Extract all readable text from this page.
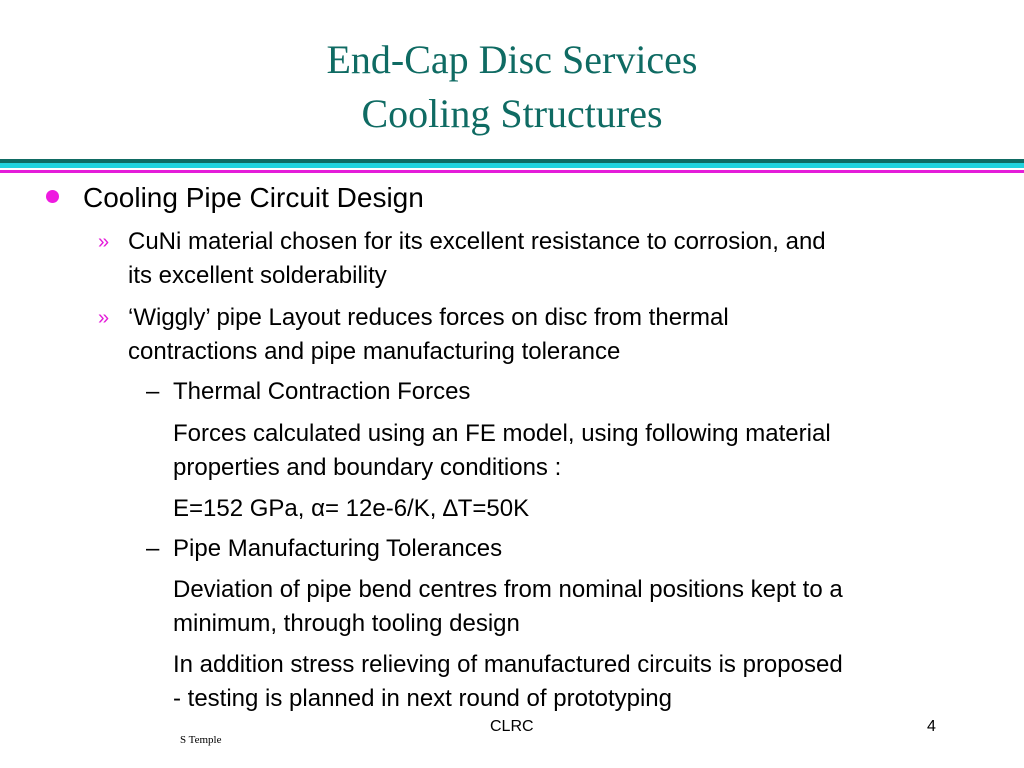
End-Cap Disc Services
Cooling Structures
Cooling Pipe Circuit Design
» CuNi material chosen for its excellent resistance to corrosion, and
its excellent solderability
» ‘Wiggly’ pipe Layout reduces forces on disc from thermal
contractions and pipe manufacturing tolerance
– Thermal Contraction Forces
Forces calculated using an FE model, using following material
properties and boundary conditions :
E=152 GPa, α= 12e-6/K, ∆T=50K
– Pipe Manufacturing Tolerances
Deviation of pipe bend centres from nominal positions kept to a
minimum, through tooling design
In addition stress relieving of manufactured circuits is proposed
- testing is planned in next round of prototyping
CLRC	4
S Temple
